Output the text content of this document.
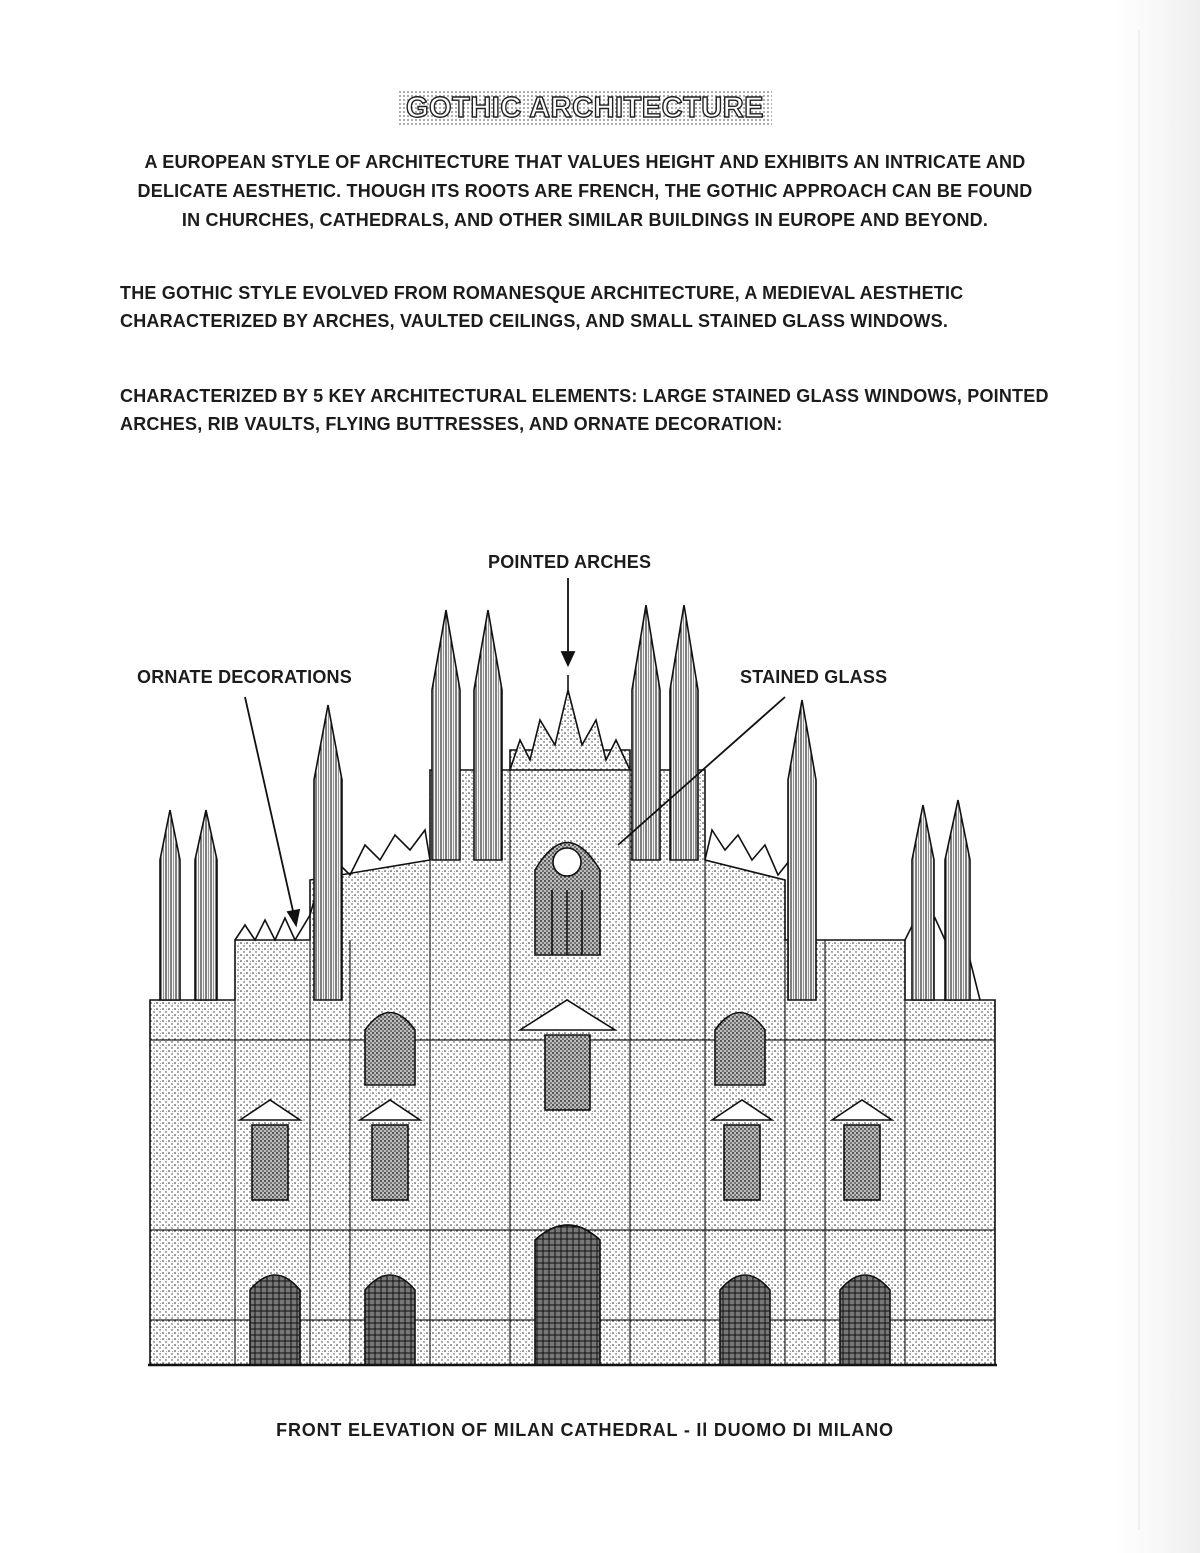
GOTHIC ARCHITECTURE
A EUROPEAN STYLE OF ARCHITECTURE THAT VALUES HEIGHT AND EXHIBITS AN INTRICATE AND DELICATE AESTHETIC. THOUGH ITS ROOTS ARE FRENCH, THE GOTHIC APPROACH CAN BE FOUND IN CHURCHES, CATHEDRALS, AND OTHER SIMILAR BUILDINGS IN EUROPE AND BEYOND.
THE GOTHIC STYLE EVOLVED FROM ROMANESQUE ARCHITECTURE, A MEDIEVAL AESTHETIC CHARACTERIZED BY ARCHES, VAULTED CEILINGS, AND SMALL STAINED GLASS WINDOWS.
CHARACTERIZED BY 5 KEY ARCHITECTURAL ELEMENTS: LARGE STAINED GLASS WINDOWS, POINTED ARCHES, RIB VAULTS, FLYING BUTTRESSES, AND ORNATE DECORATION:
POINTED ARCHES
ORNATE DECORATIONS	STAINED GLASS
FRONT ELEVATION OF MILAN CATHEDRAL - Il DUOMO DI MILANO
